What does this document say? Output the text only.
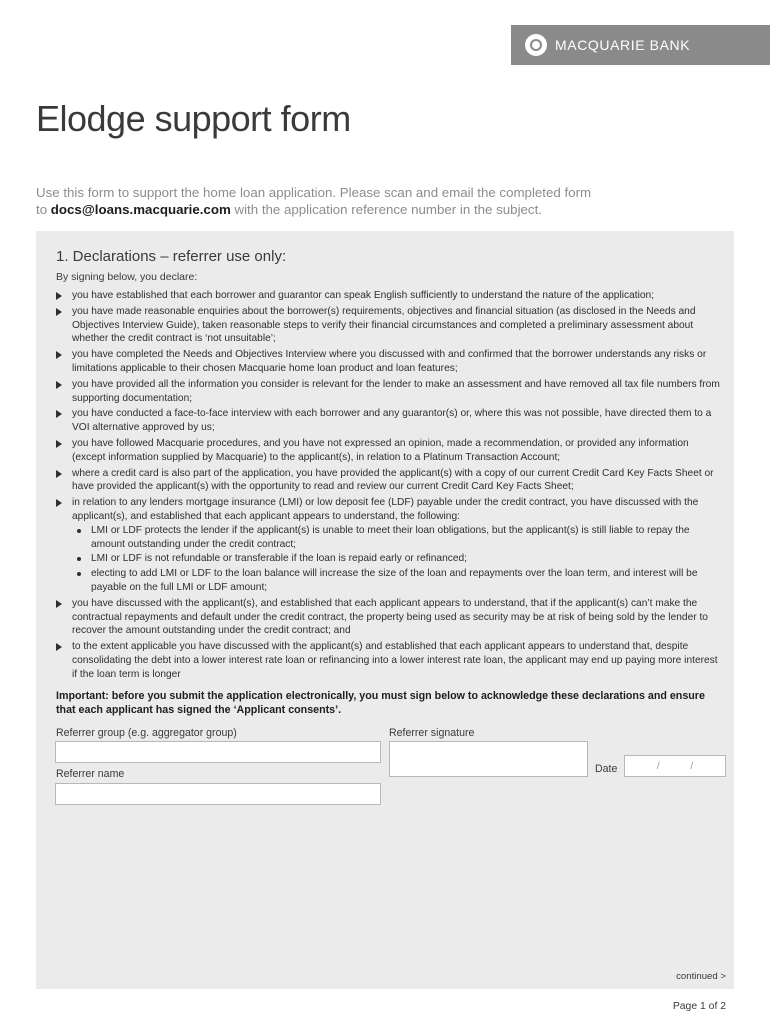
MACQUARIE BANK
Elodge support form
Use this form to support the home loan application. Please scan and email the completed form
to docs@loans.macquarie.com with the application reference number in the subject.
1. Declarations – referrer use only:
By signing below, you declare:
you have established that each borrower and guarantor can speak English sufficiently to understand the nature of the application;
you have made reasonable enquiries about the borrower(s) requirements, objectives and financial situation (as disclosed in the Needs and Objectives Interview Guide), taken reasonable steps to verify their financial circumstances and completed a preliminary assessment about whether the credit contract is ‘not unsuitable’;
you have completed the Needs and Objectives Interview where you discussed with and confirmed that the borrower understands any risks or limitations applicable to their chosen Macquarie home loan product and loan features;
you have provided all the information you consider is relevant for the lender to make an assessment and have removed all tax file numbers from supporting documentation;
you have conducted a face-to-face interview with each borrower and any guarantor(s) or, where this was not possible, have directed them to a VOI alternative approved by us;
you have followed Macquarie procedures, and you have not expressed an opinion, made a recommendation, or provided any information (except information supplied by Macquarie) to the applicant(s), in relation to a Platinum Transaction Account;
where a credit card is also part of the application, you have provided the applicant(s) with a copy of our current Credit Card Key Facts Sheet or have provided the applicant(s) with the opportunity to read and review our current Credit Card Key Facts Sheet;
in relation to any lenders mortgage insurance (LMI) or low deposit fee (LDF) payable under the credit contract, you have discussed with the applicant(s), and established that each applicant appears to understand, the following:
LMI or LDF protects the lender if the applicant(s) is unable to meet their loan obligations, but the applicant(s) is still liable to repay the amount outstanding under the credit contract;
LMI or LDF is not refundable or transferable if the loan is repaid early or refinanced;
electing to add LMI or LDF to the loan balance will increase the size of the loan and repayments over the loan term, and interest will be payable on the full LMI or LDF amount;
you have discussed with the applicant(s), and established that each applicant appears to understand, that if the applicant(s) can’t make the contractual repayments and default under the credit contract, the property being used as security may be at risk of being sold by the lender to recover the amount outstanding under the credit contract; and
to the extent applicable you have discussed with the applicant(s) and established that each applicant appears to understand that, despite consolidating the debt into a lower interest rate loan or refinancing into a lower interest rate loan, the applicant may end up paying more interest if the loan term is longer
Important: before you submit the application electronically, you must sign below to acknowledge these declarations and ensure that each applicant has signed the ‘Applicant consents’.
Referrer group (e.g. aggregator group)	Referrer signature
Referrer name	Date	/ /
continued >
Page 1 of 2
